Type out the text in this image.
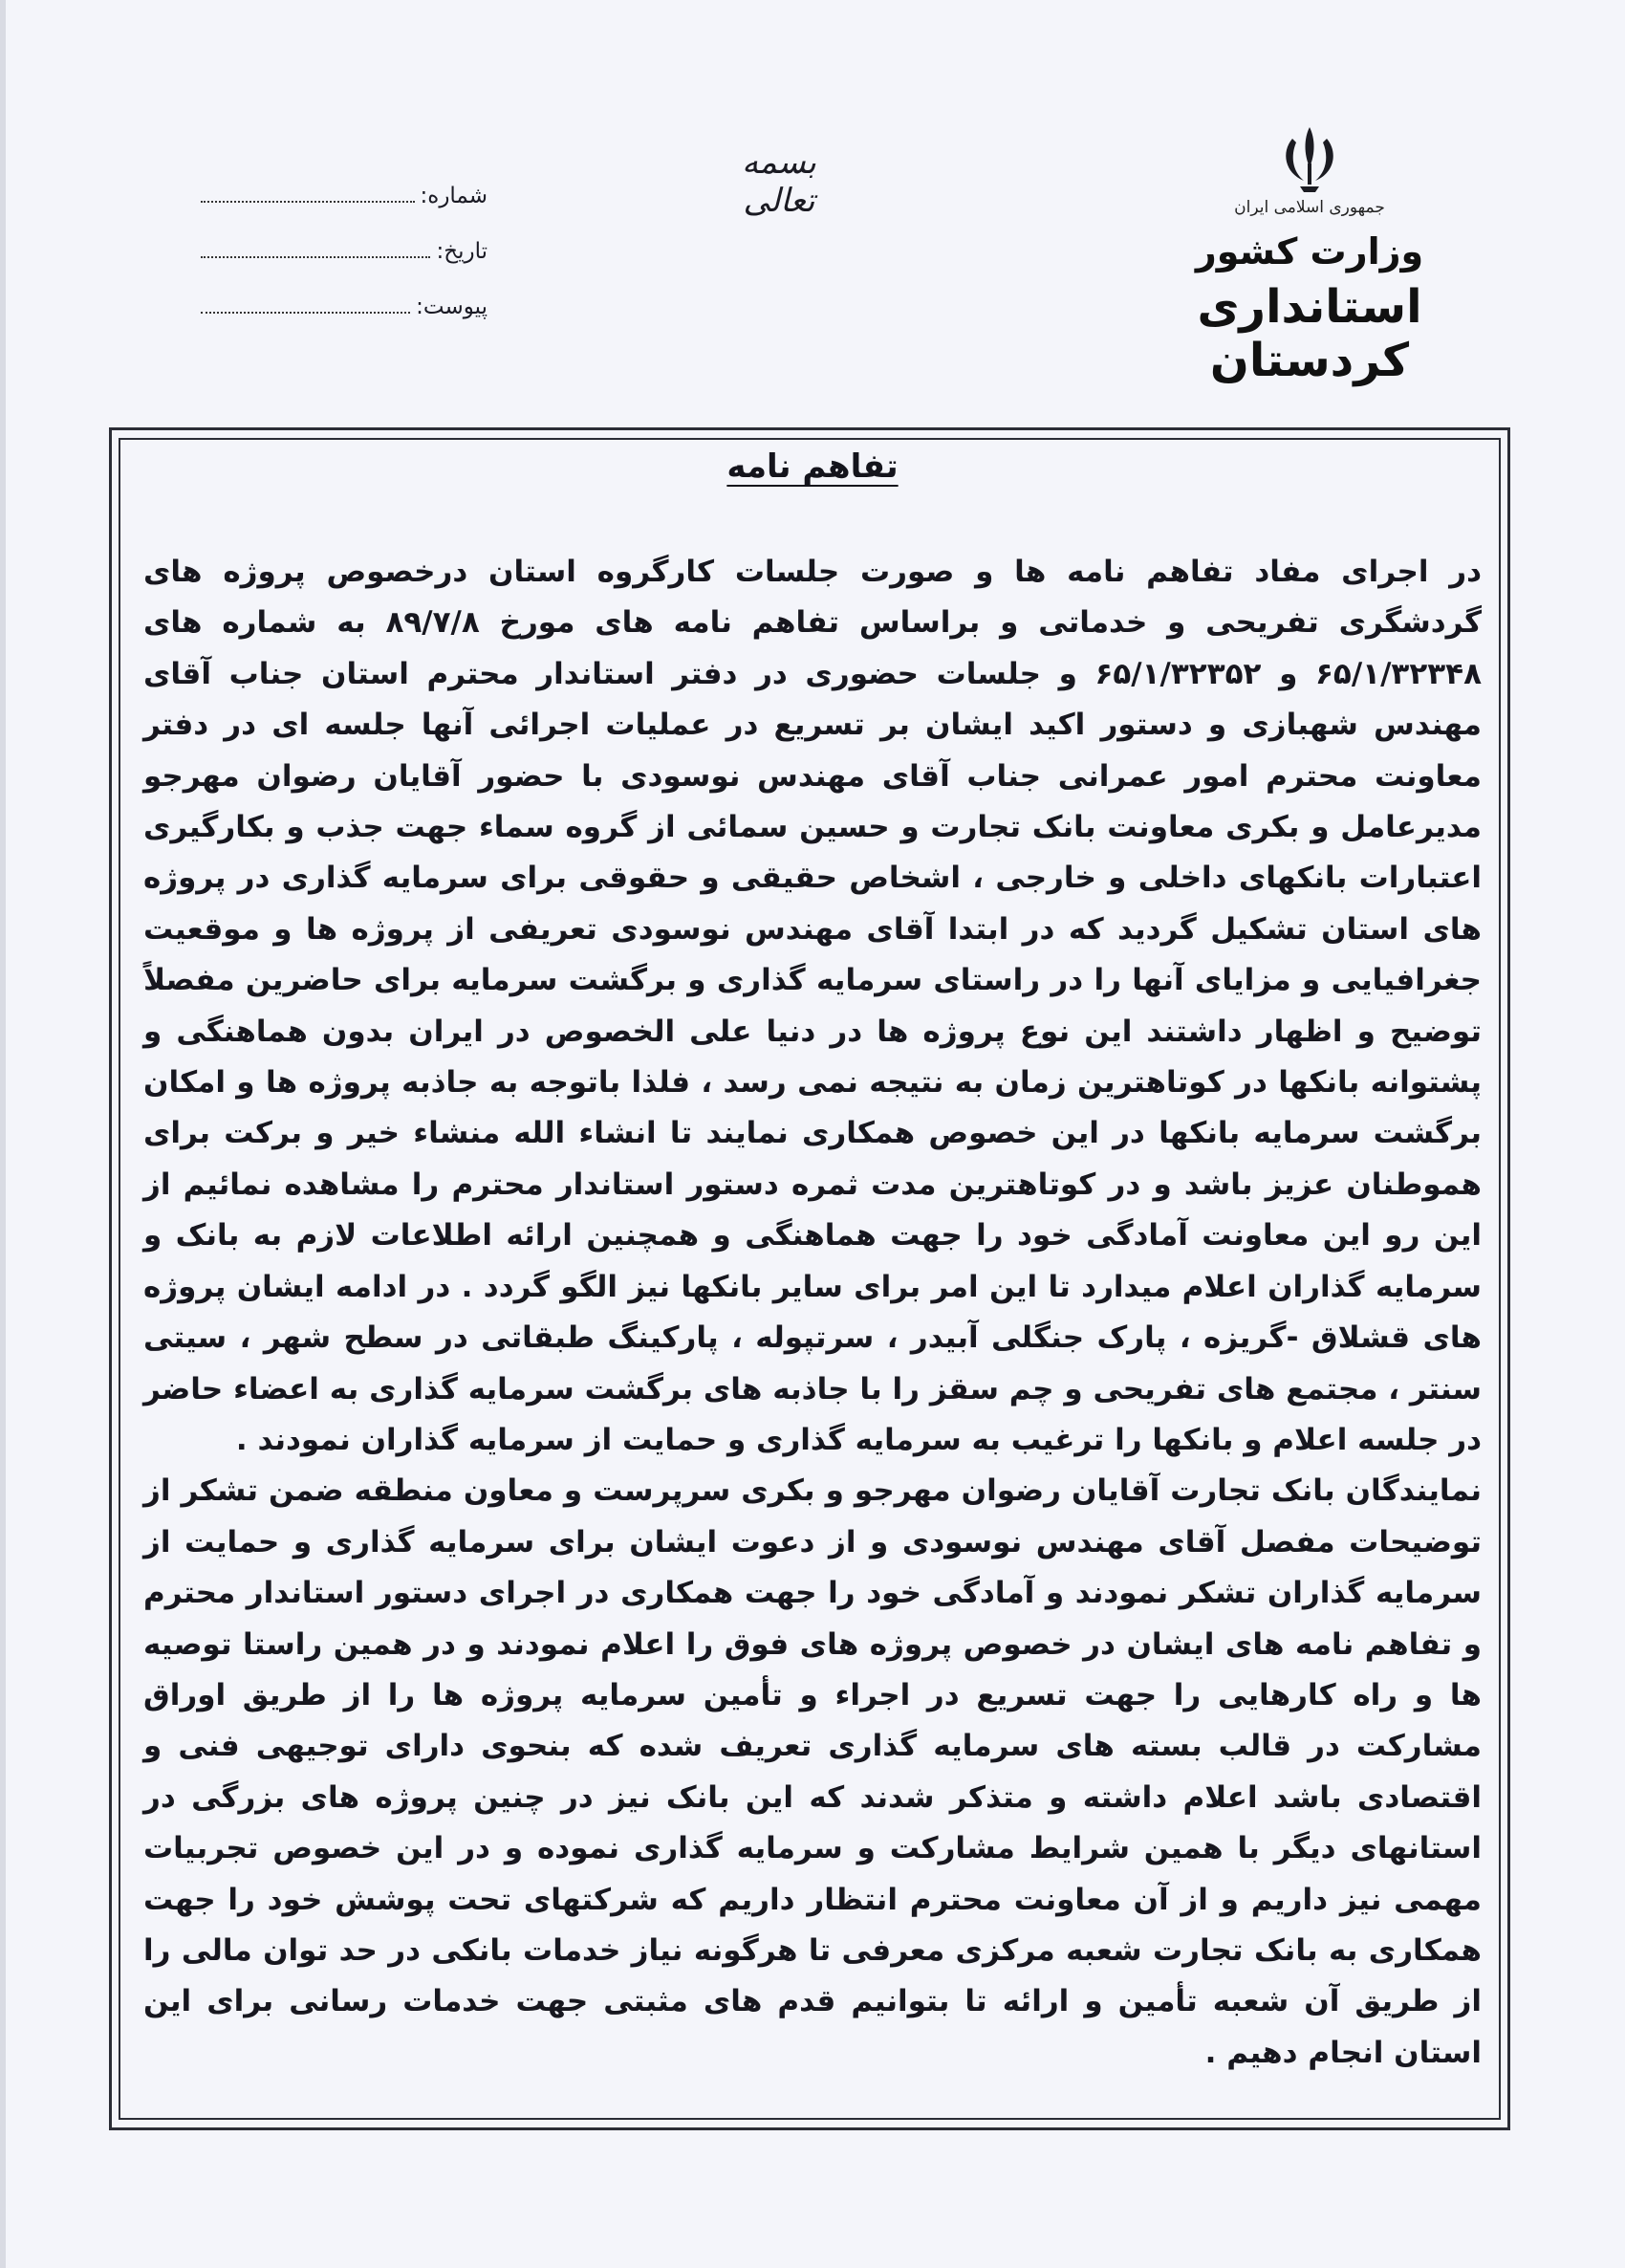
جمهوری اسلامی ایران
وزارت کشور
استانداری کردستان
بسمه تعالی
شماره:
تاریخ:
پیوست:
تفاهم نامه

در اجرای مفاد تفاهم نامه ها و صورت جلسات کارگروه استان درخصوص پروژه های گردشگری تفریحی و خدماتی و براساس تفاهم نامه های مورخ ۸۹/۷/۸ به شماره های ۶۵/۱/۳۲۳۴۸ و ۶۵/۱/۳۲۳۵۲ و جلسات حضوری در دفتر استاندار محترم استان جناب آقای مهندس شهبازی و دستور اکید ایشان بر تسریع در عملیات اجرائی آنها جلسه ای در دفتر معاونت محترم امور عمرانی جناب آقای مهندس نوسودی با حضور آقایان رضوان مهرجو مدیرعامل و بکری معاونت بانک تجارت و حسین سمائی از گروه سماء جهت جذب و بکارگیری اعتبارات بانکهای داخلی و خارجی ، اشخاص حقیقی و حقوقی برای سرمایه گذاری در پروژه های استان تشکیل گردید که در ابتدا آقای مهندس نوسودی تعریفی از پروژه ها و موقعیت جغرافیایی و مزایای آنها را در راستای سرمایه گذاری و برگشت سرمایه برای حاضرین مفصلاً توضیح و اظهار داشتند این نوع پروژه ها در دنیا علی الخصوص در ایران بدون هماهنگی و پشتوانه بانکها در کوتاهترین زمان به نتیجه نمی رسد ، فلذا باتوجه به جاذبه پروژه ها و امکان برگشت سرمایه بانکها در این خصوص همکاری نمایند تا انشاء الله منشاء خیر و برکت برای هموطنان عزیز باشد و در کوتاهترین مدت ثمره دستور استاندار محترم را مشاهده نمائیم از این رو این معاونت آمادگی خود را جهت هماهنگی و همچنین ارائه اطلاعات لازم به بانک و سرمایه گذاران اعلام میدارد تا این امر برای سایر بانکها نیز الگو گردد . در ادامه ایشان پروژه های قشلاق -گریزه ، پارک جنگلی آبیدر ، سرتپوله ، پارکینگ طبقاتی در سطح شهر ، سیتی سنتر ، مجتمع های تفریحی و چم سقز را با جاذبه های برگشت سرمایه گذاری به اعضاء حاضر در جلسه اعلام و بانکها را ترغیب به سرمایه گذاری و حمایت از سرمایه گذاران نمودند .

نمایندگان بانک تجارت آقایان رضوان مهرجو و بکری سرپرست و معاون منطقه ضمن تشکر از توضیحات مفصل آقای مهندس نوسودی و از دعوت ایشان برای سرمایه گذاری و حمایت از سرمایه گذاران تشکر نمودند و آمادگی خود را جهت همکاری در اجرای دستور استاندار محترم و تفاهم نامه های ایشان در خصوص پروژه های فوق را اعلام نمودند و در همین راستا توصیه ها و راه کارهایی را جهت تسریع در اجراء و تأمین سرمایه پروژه ها را از طریق اوراق مشارکت در قالب بسته های سرمایه گذاری تعریف شده که بنحوی دارای توجیهی فنی و اقتصادی باشد اعلام داشته و متذکر شدند که این بانک نیز در چنین پروژه های بزرگی در استانهای دیگر با همین شرایط مشارکت و سرمایه گذاری نموده و در این خصوص تجربیات مهمی نیز داریم و از آن معاونت محترم انتظار داریم که شرکتهای تحت پوشش خود را جهت همکاری به بانک تجارت شعبه مرکزی معرفی تا هرگونه نیاز خدمات بانکی در حد توان مالی را از طریق آن شعبه تأمین و ارائه تا بتوانیم قدم های مثبتی جهت خدمات رسانی برای این استان انجام دهیم .
